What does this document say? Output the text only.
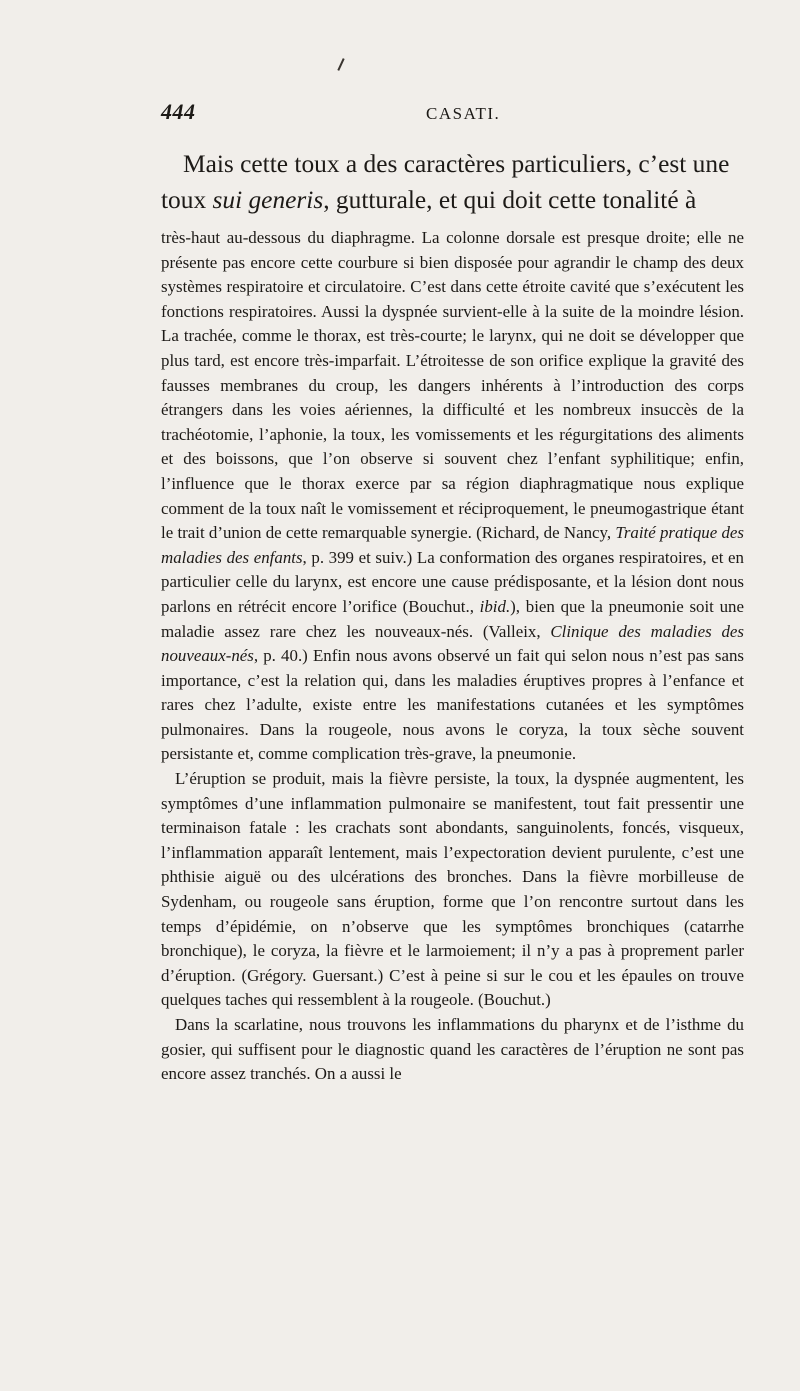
444	CASATI.
Mais cette toux a des caractères particuliers, c’est une
toux sui generis, gutturale, et qui doit cette tonalité à

très-haut au-dessous du diaphragme. La colonne dorsale est presque droite; elle ne présente pas encore cette courbure si bien disposée pour agrandir le champ des deux systèmes respiratoire et circulatoire. C’est dans cette étroite cavité que s’exécutent les fonctions respiratoires. Aussi la dyspnée survient-elle à la suite de la moindre lésion. La trachée, comme le thorax, est très-courte; le larynx, qui ne doit se développer que plus tard, est encore très-imparfait. L’étroitesse de son orifice explique la gravité des fausses membranes du croup, les dangers inhérents à l’introduction des corps étrangers dans les voies aériennes, la difficulté et les nombreux insuccès de la trachéotomie, l’aphonie, la toux, les vomissements et les régurgitations des aliments et des boissons, que l’on observe si souvent chez l’enfant syphilitique; enfin, l’influence que le thorax exerce par sa région diaphragmatique nous explique comment de la toux naît le vomissement et réciproquement, le pneumogastrique étant le trait d’union de cette remarquable synergie. (Richard, de Nancy, Traité pratique des maladies des enfants, p. 399 et suiv.) La conformation des organes respiratoires, et en particulier celle du larynx, est encore une cause prédisposante, et la lésion dont nous parlons en rétrécit encore l’orifice (Bouchut., ibid.), bien que la pneumonie soit une maladie assez rare chez les nouveaux-nés. (Valleix, Clinique des maladies des nouveaux-nés, p. 40.) Enfin nous avons observé un fait qui selon nous n’est pas sans importance, c’est la relation qui, dans les maladies éruptives propres à l’enfance et rares chez l’adulte, existe entre les manifestations cutanées et les symptômes pulmonaires. Dans la rougeole, nous avons le coryza, la toux sèche souvent persistante et, comme complication très-grave, la pneumonie.

L’éruption se produit, mais la fièvre persiste, la toux, la dyspnée augmentent, les symptômes d’une inflammation pulmonaire se manifestent, tout fait pressentir une terminaison fatale : les crachats sont abondants, sanguinolents, foncés, visqueux, l’inflammation apparaît lentement, mais l’expectoration devient purulente, c’est une phthisie aiguë ou des ulcérations des bronches. Dans la fièvre morbilleuse de Sydenham, ou rougeole sans éruption, forme que l’on rencontre surtout dans les temps d’épidémie, on n’observe que les symptômes bronchiques (catarrhe bronchique), le coryza, la fièvre et le larmoiement; il n’y a pas à proprement parler d’éruption. (Grégory. Guersant.) C’est à peine si sur le cou et les épaules on trouve quelques taches qui ressemblent à la rougeole. (Bouchut.)

Dans la scarlatine, nous trouvons les inflammations du pharynx et de l’isthme du gosier, qui suffisent pour le diagnostic quand les caractères de l’éruption ne sont pas encore assez tranchés. On a aussi le
